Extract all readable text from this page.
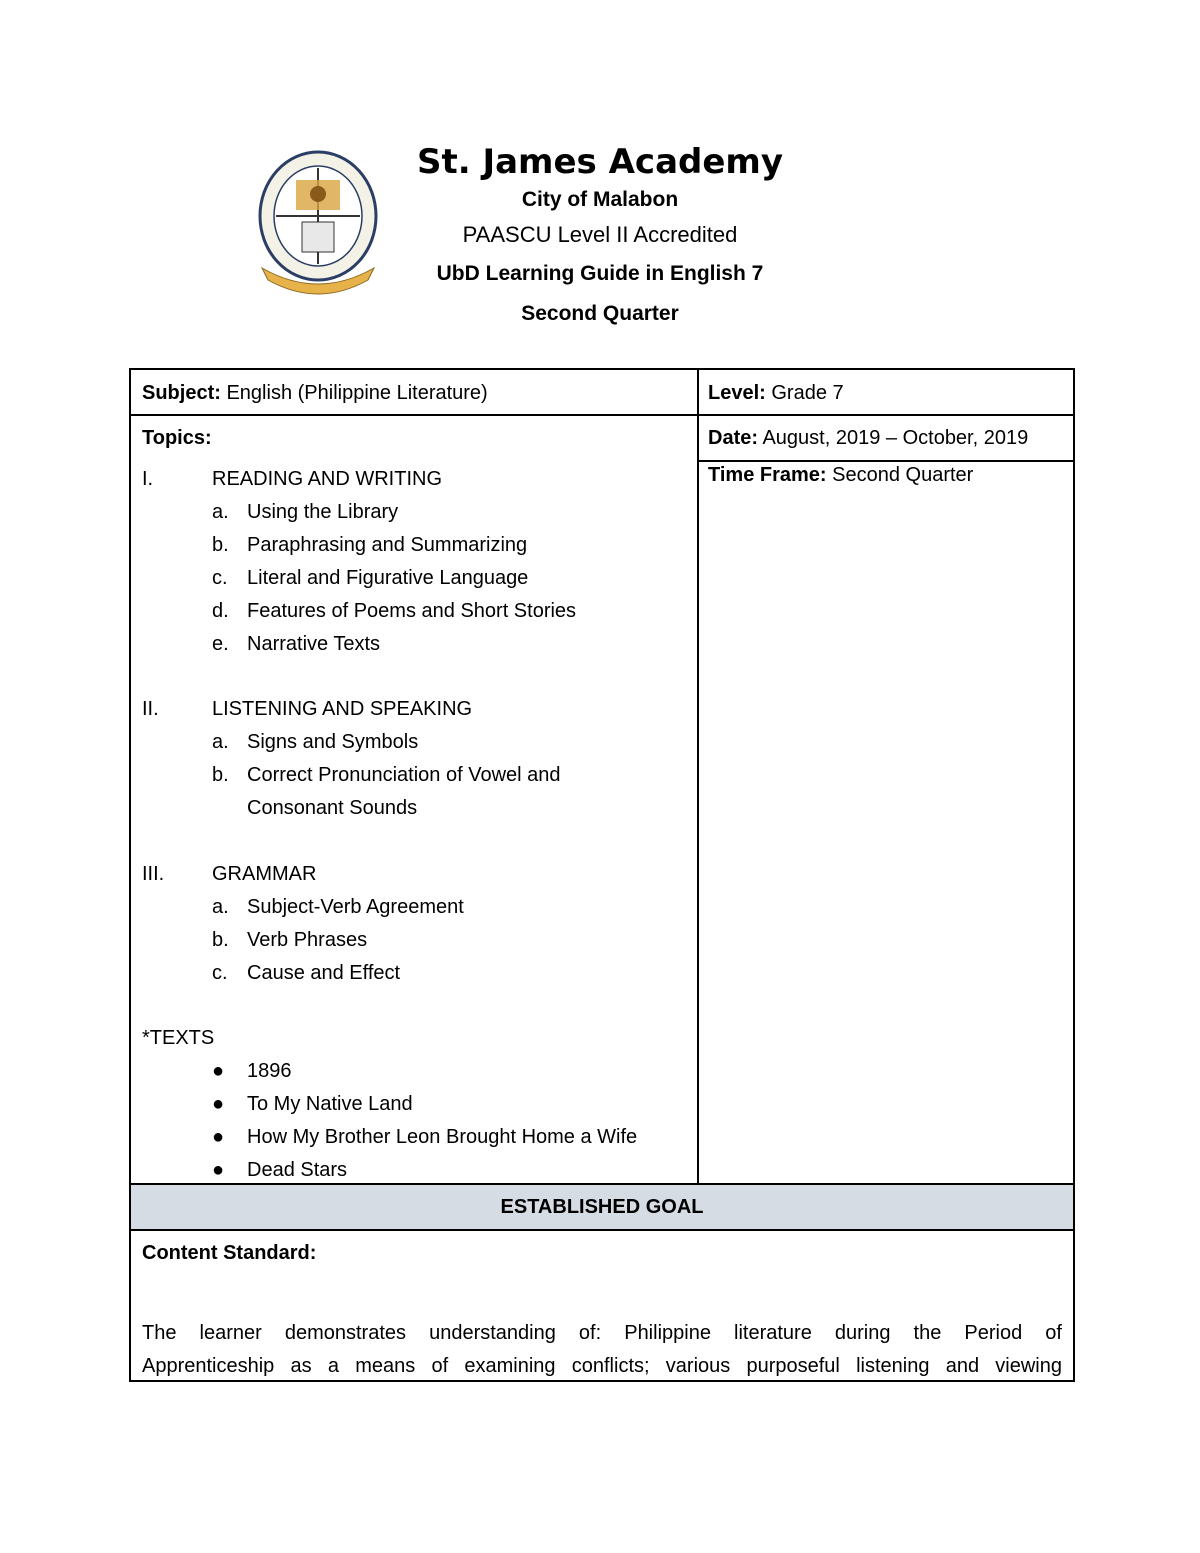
St. James Academy
City of Malabon
PAASCU Level II Accredited
UbD Learning Guide in English 7
Second Quarter
Subject: English (Philippine Literature)	Level: Grade 7
Date: August, 2019 – October, 2019
Time Frame: Second Quarter
Topics:
I.	READING AND WRITING
a. Using the Library
b. Paraphrasing and Summarizing
c. Literal and Figurative Language
d. Features of Poems and Short Stories
e. Narrative Texts
II.	LISTENING AND SPEAKING
a. Signs and Symbols
b. Correct Pronunciation of Vowel and
Consonant Sounds
III. GRAMMAR
a. Subject-Verb Agreement
b. Verb Phrases
c. Cause and Effect
*TEXTS
● 1896
● To My Native Land
● How My Brother Leon Brought Home a Wife
● Dead Stars
ESTABLISHED GOAL
Content Standard:
The learner demonstrates understanding of: Philippine literature during the Period of
Apprenticeship as a means of examining conflicts; various purposeful listening and viewing
